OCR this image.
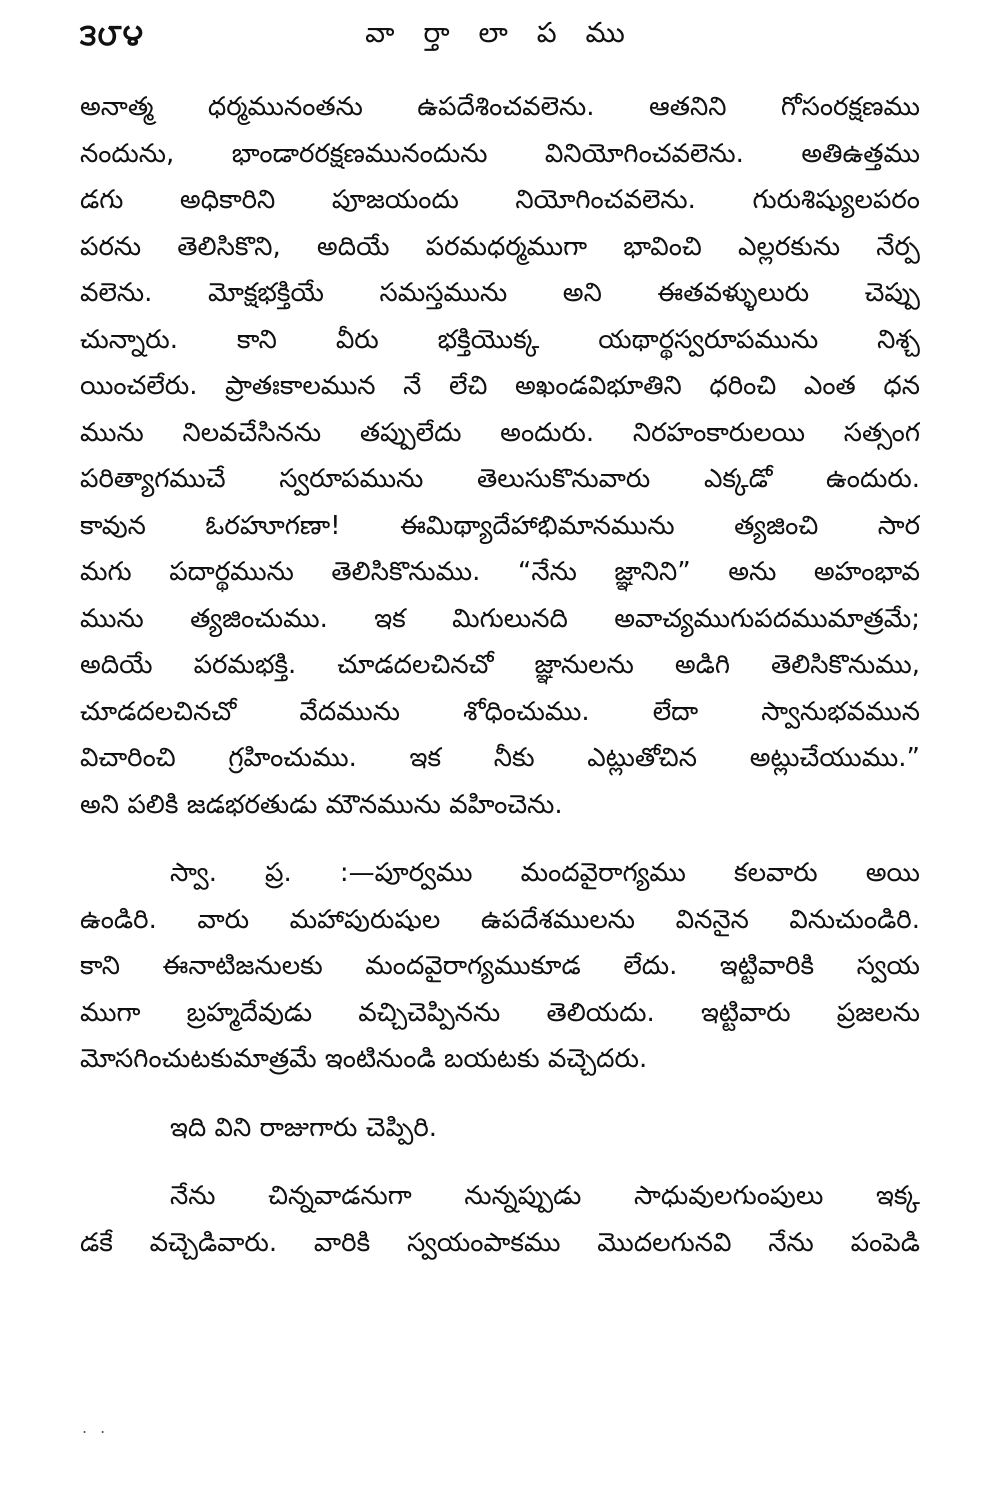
౩౮౪	వా ర్తా లా ప ము
అనాత్మ ధర్మమునంతను ఉపదేశించవలెను. ఆతనిని గోసంరక్షణము
నందును, భాండారరక్షణమునందును వినియోగించవలెను. అతిఉత్తము
డగు అధికారిని పూజయందు నియోగించవలెను. గురుశిష్యులపరం
పరను తెలిసికొని, అదియే పరమధర్మముగా భావించి ఎల్లరకును నేర్ప
వలెను. మోక్షభక్తియే సమస్తమును అని ఈతవళ్ళులురు చెప్పు
చున్నారు. కాని వీరు భక్తియొక్క యథార్థస్వరూపమును నిశ్చ
యించలేరు. ప్రాతఃకాలమున నే లేచి అఖండవిభూతిని ధరించి ఎంత ధన
మును నిలవచేసినను తప్పులేదు అందురు. నిరహంకారులయి సత్సంగ
పరిత్యాగముచే స్వరూపమును తెలుసుకొనువారు ఎక్కడో ఉందురు.
కావున ఓరహూగణా! ఈమిథ్యాదేహాభిమానమును త్యజించి సార
మగు పదార్థమును తెలిసికొనుము. “నేను జ్ఞానిని” అను అహంభావ
మును త్యజించుము. ఇక మిగులునది అవాచ్యముగుపదముమాత్రమే;
అదియే పరమభక్తి. చూడదలచినచో జ్ఞానులను అడిగి తెలిసికొనుము,
చూడదలచినచో వేదమును శోధించుము. లేదా స్వానుభవమున
విచారించి గ్రహించుము. ఇక నీకు ఎట్లుతోచిన అట్లుచేయుము.”
అని పలికి జడభరతుడు మౌనమును వహించెను.
స్వా. ప్ర. :—పూర్వము మందవైరాగ్యము కలవారు అయి
ఉండిరి. వారు మహాపురుషుల ఉపదేశములను విననైన వినుచుండిరి.
కాని ఈనాటిజనులకు మందవైరాగ్యముకూడ లేదు. ఇట్టివారికి స్వయ
ముగా బ్రహ్మదేవుడు వచ్చిచెప్పినను తెలియదు. ఇట్టివారు ప్రజలను
మోసగించుటకుమాత్రమే ఇంటినుండి బయటకు వచ్చెదరు.
ఇది విని రాజుగారు చెప్పిరి.
నేను చిన్నవాడనుగా నున్నప్పుడు సాధువులగుంపులు ఇక్క
డకే వచ్చెడివారు. వారికి స్వయంపాకము మొదలగునవి నేను పంపెడి
. .
